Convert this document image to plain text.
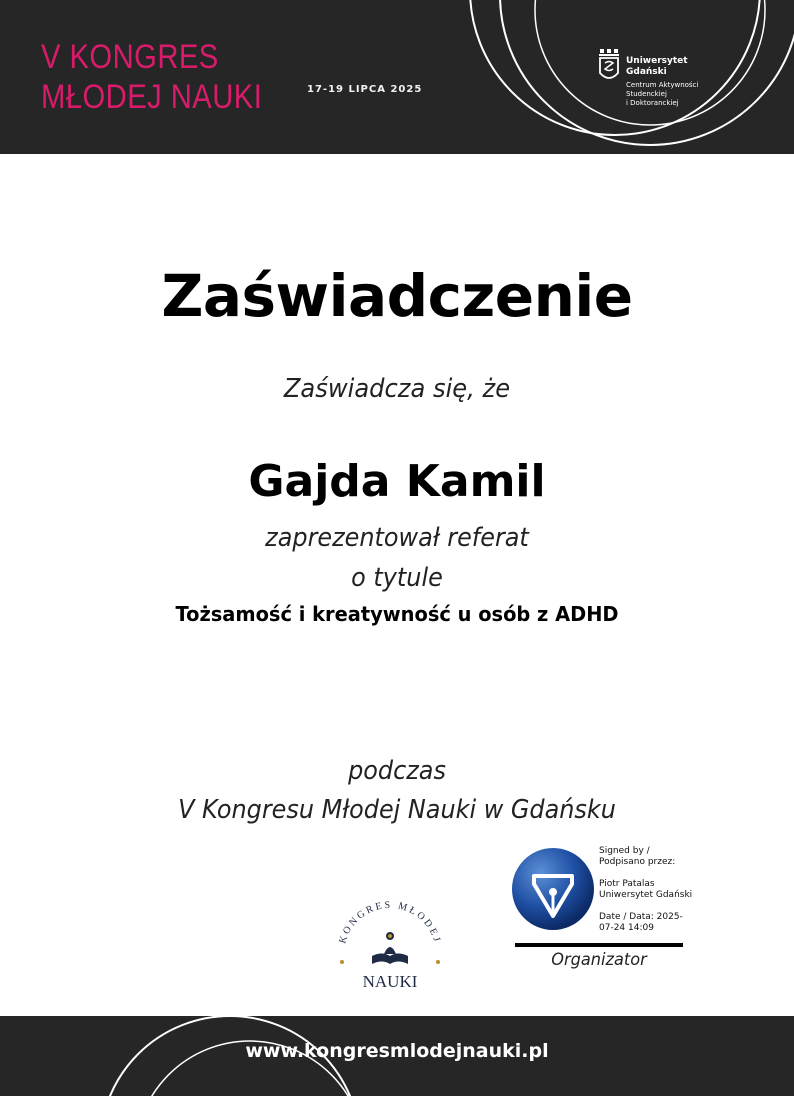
V KONGRES
MŁODEJ NAUKI	17-19 LIPCA 2025
Uniwersytet
Gdański
Centrum Aktywności
Studenckiej
i Doktoranckiej
Zaświadczenie
Zaświadcza się, że
Gajda Kamil
zaprezentował referat
o tytule
Tożsamość i kreatywność u osób z ADHD
podczas
V Kongresu Młodej Nauki w Gdańsku
KONGRES MŁODEJ
NAUKI
Signed by /
Podpisano przez:
Piotr Patalas
Uniwersytet Gdański
Date / Data: 2025-
07-24 14:09
Organizator
www.kongresmlodejnauki.pl
